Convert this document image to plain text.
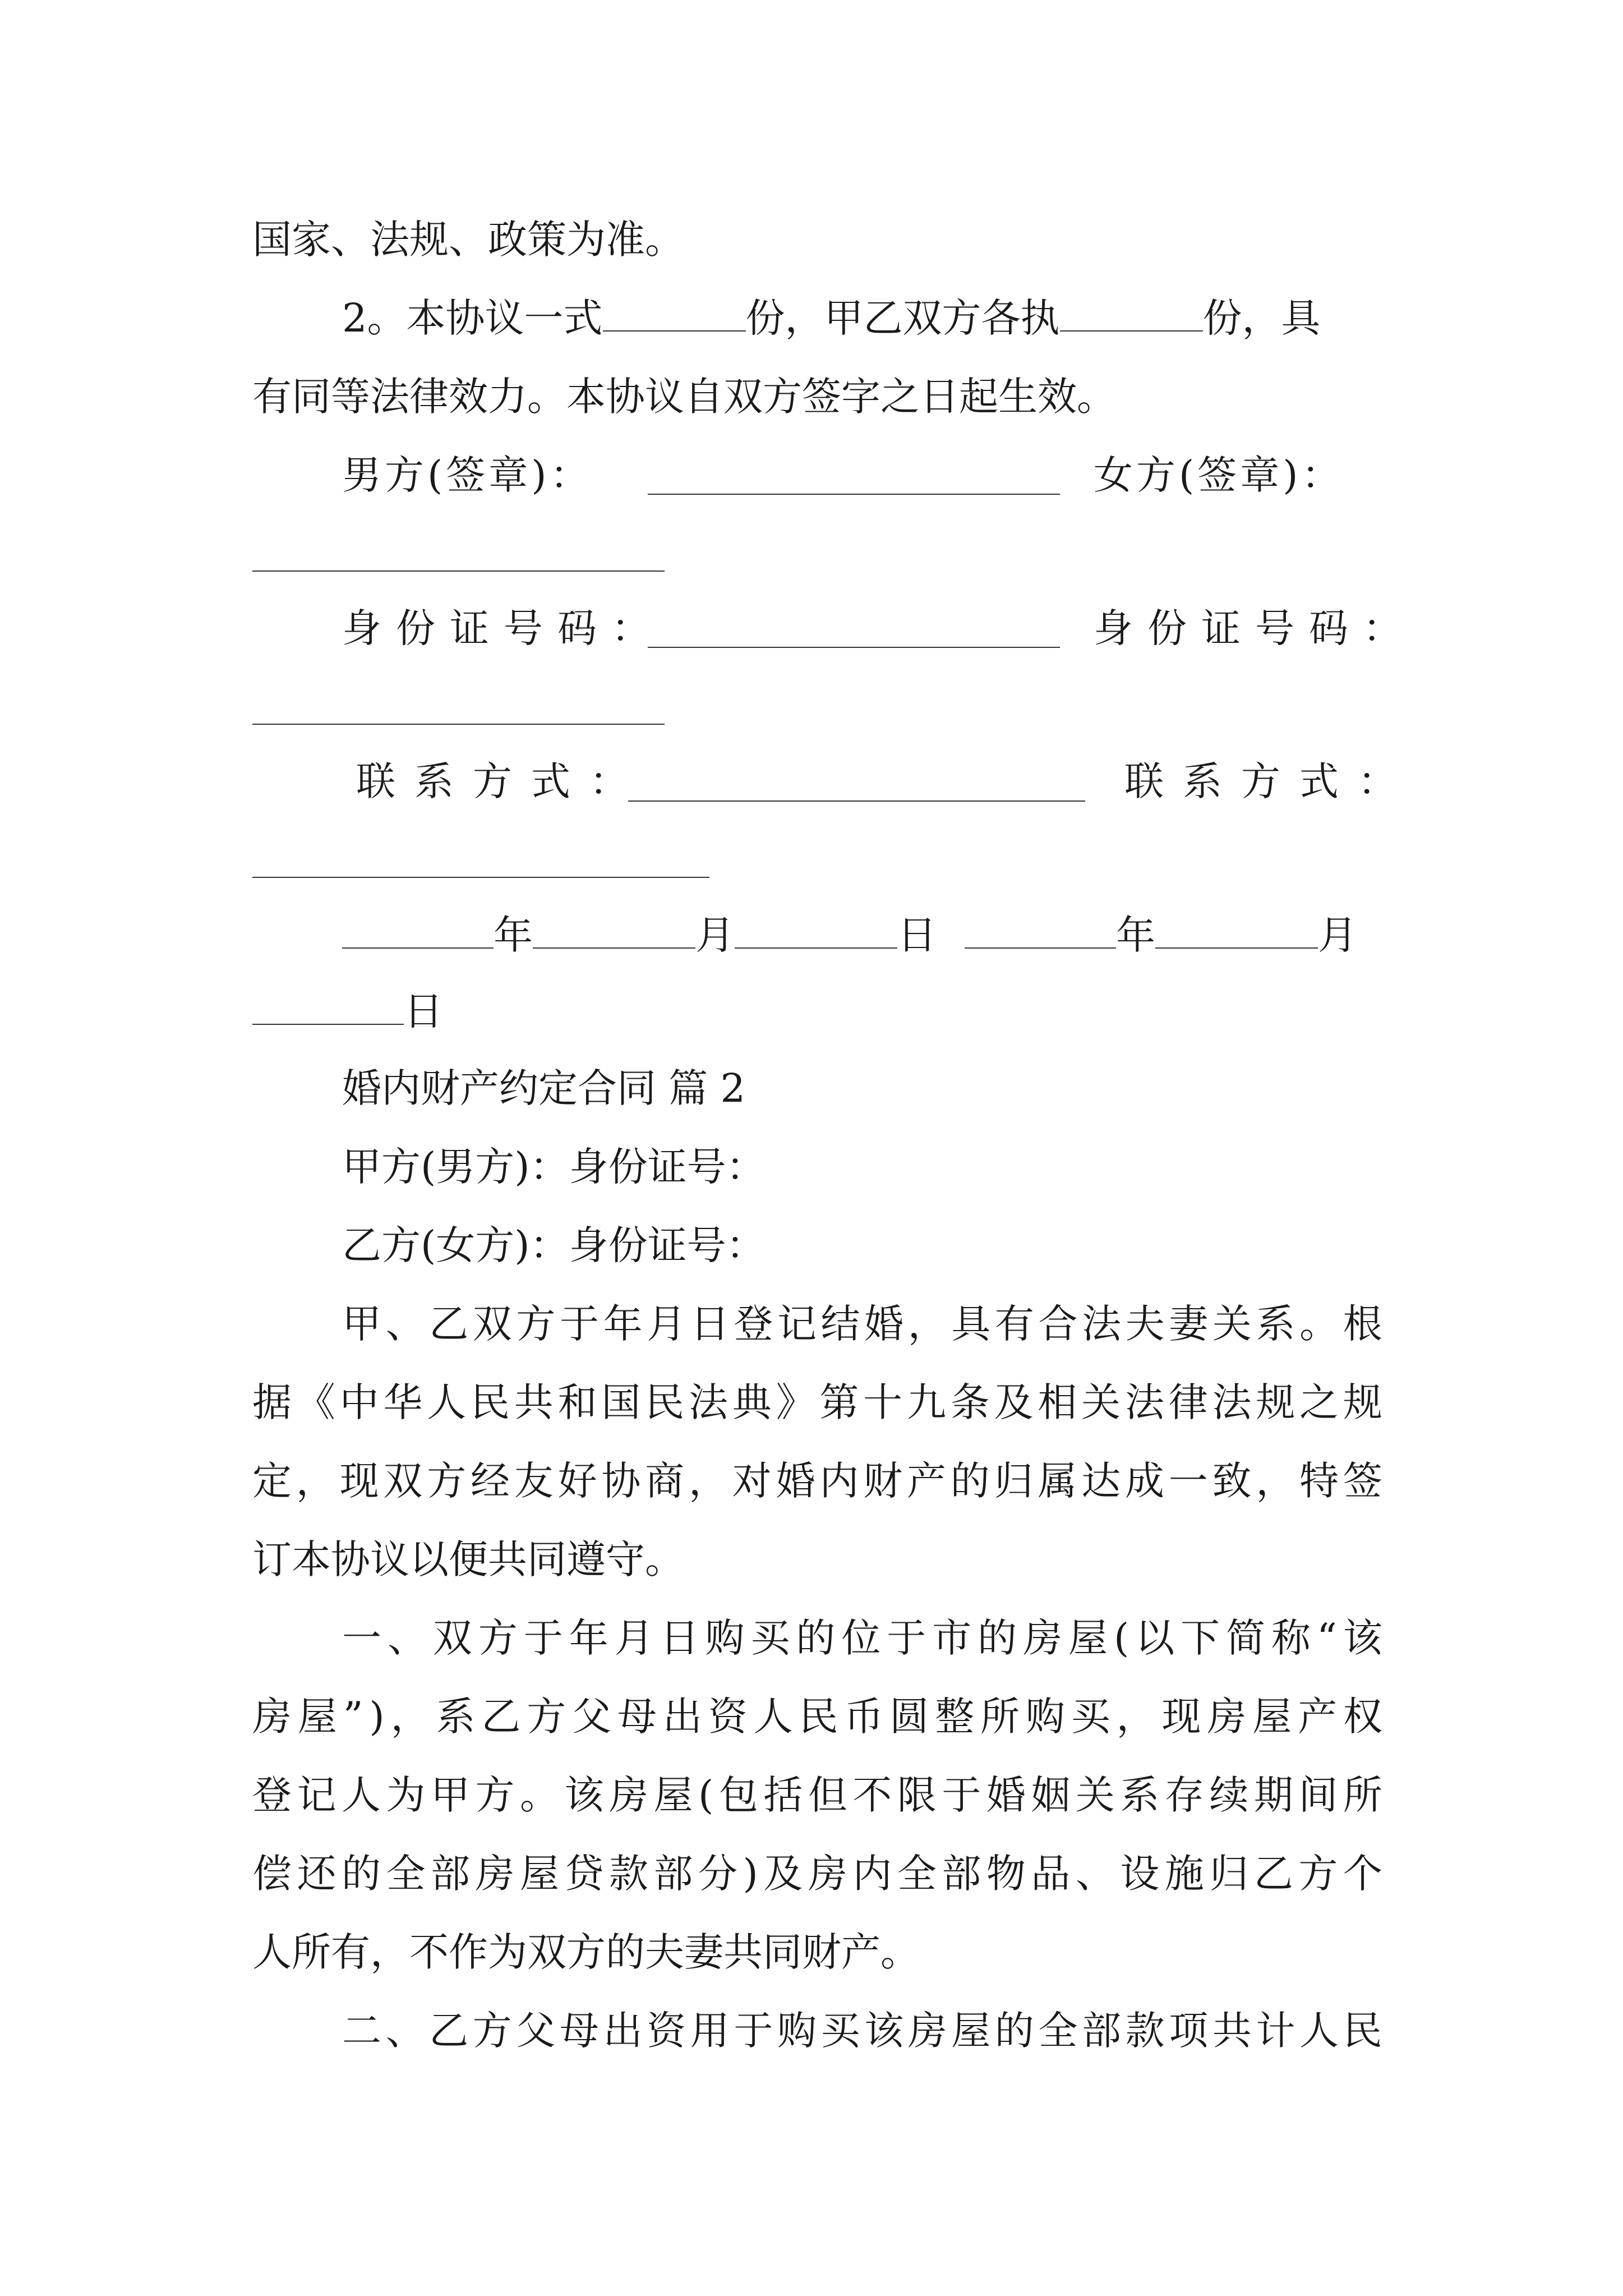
国家、法规、政策为准。
2。本协议一式	份，甲乙双方各执	份，具
有同等法律效力。本协议自双方签字之日起生效。
男方(签章)：	女方(签章)：
身份证号码：	身份证号码：
联系方式：	联系方式：
年	月	日	年	月
日
婚内财产约定合同 篇 2
甲方(男方)：身份证号：
乙方(女方)：身份证号：
甲 、 乙 双 方 于 年 月 日 登 记 结 婚 ， 具 有 合 法 夫 妻 关 系 。 根
据 《 中 华 人 民 共 和 国 民 法 典 》 第 十 九 条 及 相 关 法 律 法 规 之 规
定 ， 现 双 方 经 友 好 协 商 ， 对 婚 内 财 产 的 归 属 达 成 一 致 ， 特 签
订本协议以便共同遵守。
一 、 双 方 于 年 月 日 购 买 的 位 于 市 的 房 屋 ( 以 下 简 称 “ 该
房 屋 ” ) ， 系 乙 方 父 母 出 资 人 民 币 圆 整 所 购 买 ， 现 房 屋 产 权
登 记 人 为 甲 方 。 该 房 屋 ( 包 括 但 不 限 于 婚 姻 关 系 存 续 期 间 所
偿 还 的 全 部 房 屋 贷 款 部 分 ) 及 房 内 全 部 物 品 、 设 施 归 乙 方 个
人所有，不作为双方的夫妻共同财产。
二 、 乙 方 父 母 出 资 用 于 购 买 该 房 屋 的 全 部 款 项 共 计 人 民
